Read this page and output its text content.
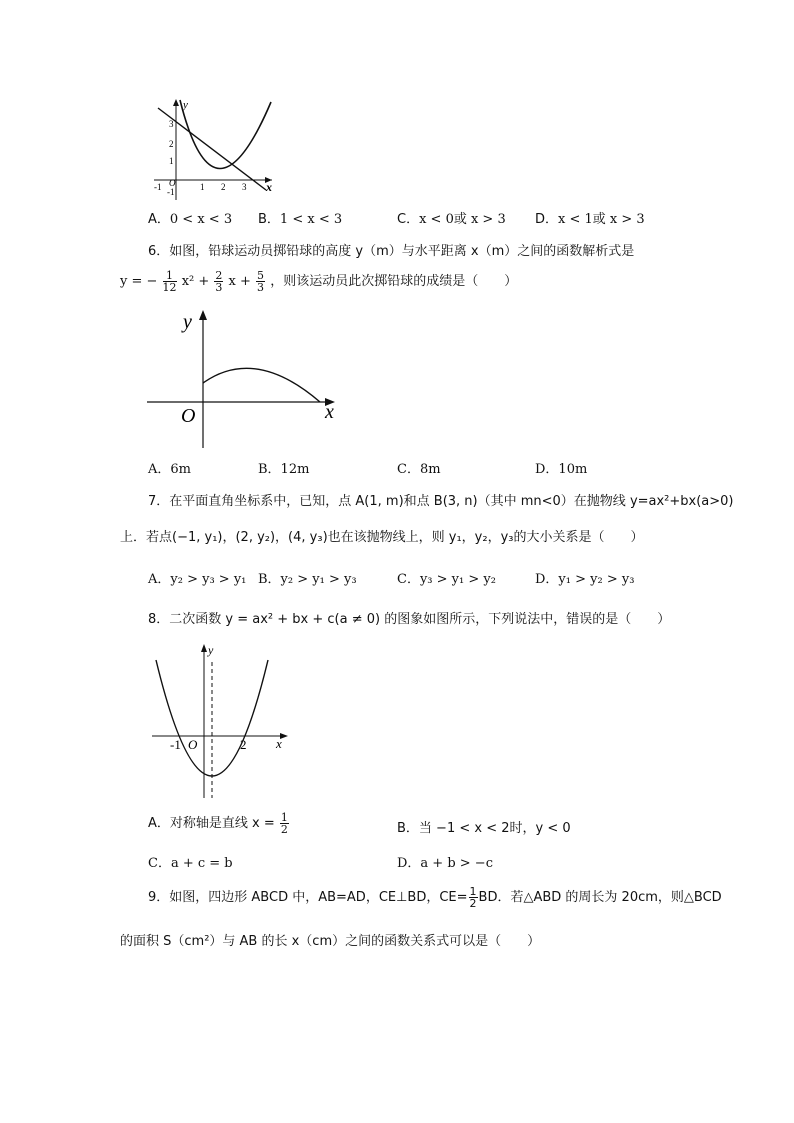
y
x
O
3
2
1
-1
-1	1 2 3
A．0 < x < 3 B．1 < x < 3	C．x < 0或 x > 3 D．x < 1或 x > 3
6．如图，铅球运动员掷铅球的高度 y（m）与水平距离 x（m）之间的函数解析式是
y = − $\frac{1}{12} x^2 + \frac{2}{3}$ $x + \frac{5}{3}$ ，则该运动员此次掷铅球的成绩是（　　）
y
x
O
A．6m	B．12m	C．8m	D．10m
7．在平面直角坐标系中，已知，点 A(1, m)和点 B(3, n)（其中 mn<0）在抛物线 y=ax²+bx(a>0)
上．若点(−1, y₁)，(2, y₂)，(4, y₃)也在该抛物线上，则 y₁，y₂，y₃的大小关系是（　　）
A．y₂ > y₃ > y₁ B．y₂ > y₁ > y₃	C．y₃ > y₁ > y₂	D．y₁ > y₂ > y₃
8．二次函数 y = ax² + bx + c(a ≠ 0) 的图象如图所示，下列说法中，错误的是（　　）
y
x
O
-1	2
A．对称轴是直线 $x = \frac{1}{2}$	B．当 −1 < x < 2时，y < 0
C．a + c = b	D．a + b > −c
9．如图，四边形 ABCD 中，AB=AD，CE⊥BD，$CE= \frac{1}{2}$ BD．若△ABD 的周长为 20cm，则△BCD
的面积 S（cm²）与 AB 的长 x（cm）之间的函数关系式可以是（　　）
